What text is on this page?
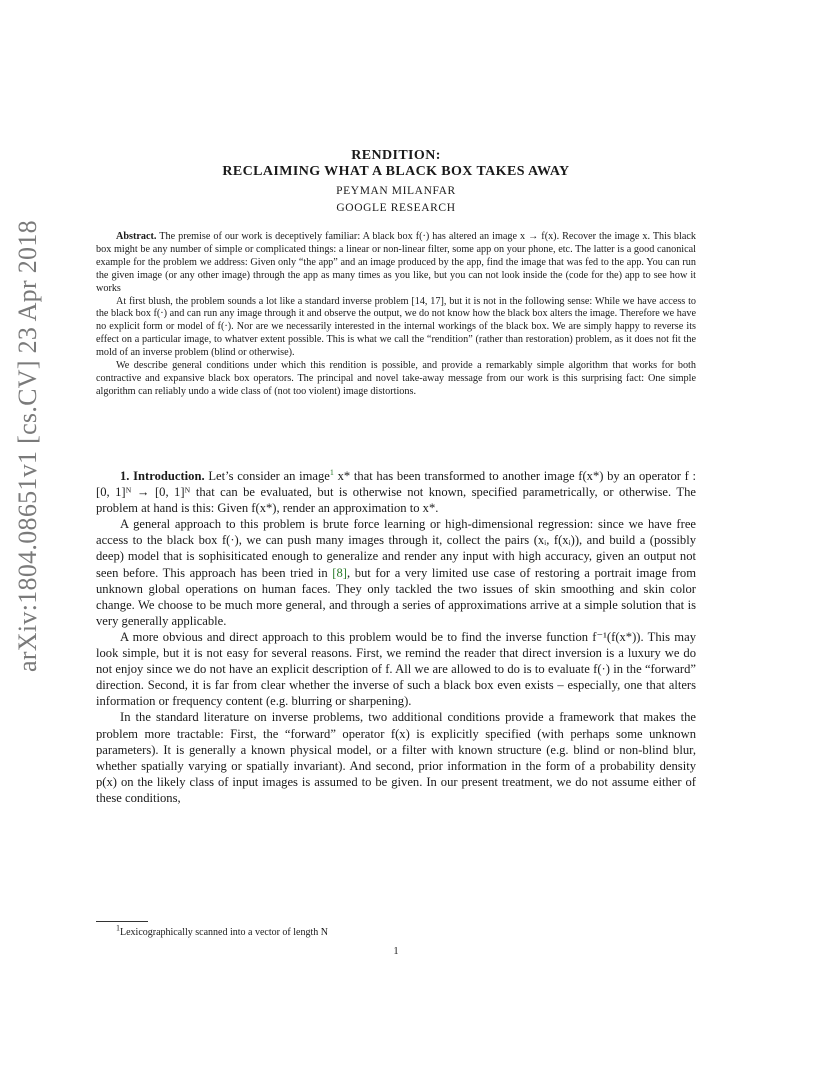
arXiv:1804.08651v1 [cs.CV] 23 Apr 2018
RENDITION:
RECLAIMING WHAT A BLACK BOX TAKES AWAY
PEYMAN MILANFAR
GOOGLE RESEARCH

Abstract. The premise of our work is deceptively familiar: A black box f(·) has altered an image x → f(x). Recover the image x. This black box might be any number of simple or complicated things: a linear or non-linear filter, some app on your phone, etc. The latter is a good canonical example for the problem we address: Given only “the app” and an image produced by the app, find the image that was fed to the app. You can run the given image (or any other image) through the app as many times as you like, but you can not look inside the (code for the) app to see how it works

At first blush, the problem sounds a lot like a standard inverse problem [14, 17], but it is not in the following sense: While we have access to the black box f(·) and can run any image through it and observe the output, we do not know how the black box alters the image. Therefore we have no explicit form or model of f(·). Nor are we necessarily interested in the internal workings of the black box. We are simply happy to reverse its effect on a particular image, to whatver extent possible. This is what we call the “rendition” (rather than restoration) problem, as it does not fit the mold of an inverse problem (blind or otherwise).

We describe general conditions under which this rendition is possible, and provide a remarkably simple algorithm that works for both contractive and expansive black box operators. The principal and novel take-away message from our work is this surprising fact: One simple algorithm can reliably undo a wide class of (not too violent) image distortions.

1. Introduction. Let’s consider an image$^1$ x* that has been transformed to another image f(x*) by an operator f : [0, 1]ᴺ → [0, 1]ᴺ that can be evaluated, but is otherwise not known, specified parametrically, or otherwise. The problem at hand is this: Given f(x*), render an approximation to x*.

A general approach to this problem is brute force learning or high-dimensional regression: since we have free access to the black box f(·), we can push many images through it, collect the pairs (xᵢ, f(xᵢ)), and build a (possibly deep) model that is sophisiticated enough to generalize and render any input with high accuracy, given an output not seen before. This approach has been tried in [8], but for a very limited use case of restoring a portrait image from unknown global operations on human faces. They only tackled the two issues of skin smoothing and skin color change. We choose to be much more general, and through a series of approximations arrive at a simple solution that is very generally applicable.

A more obvious and direct approach to this problem would be to find the inverse function f⁻¹(f(x*)). This may look simple, but it is not easy for several reasons. First, we remind the reader that direct inversion is a luxury we do not enjoy since we do not have an explicit description of f. All we are allowed to do is to evaluate f(·) in the “forward” direction. Second, it is far from clear whether the inverse of such a black box even exists – especially, one that alters information or frequency content (e.g. blurring or sharpening).

In the standard literature on inverse problems, two additional conditions provide a framework that makes the problem more tractable: First, the “forward” operator f(x) is explicitly specified (with perhaps some unknown parameters). It is generally a known physical model, or a filter with known structure (e.g. blind or non-blind blur, whether spatially varying or spatially invariant). And second, prior information in the form of a probability density p(x) on the likely class of input images is assumed to be given. In our present treatment, we do not assume either of these conditions,

$^1$Lexicographically scanned into a vector of length N
1
